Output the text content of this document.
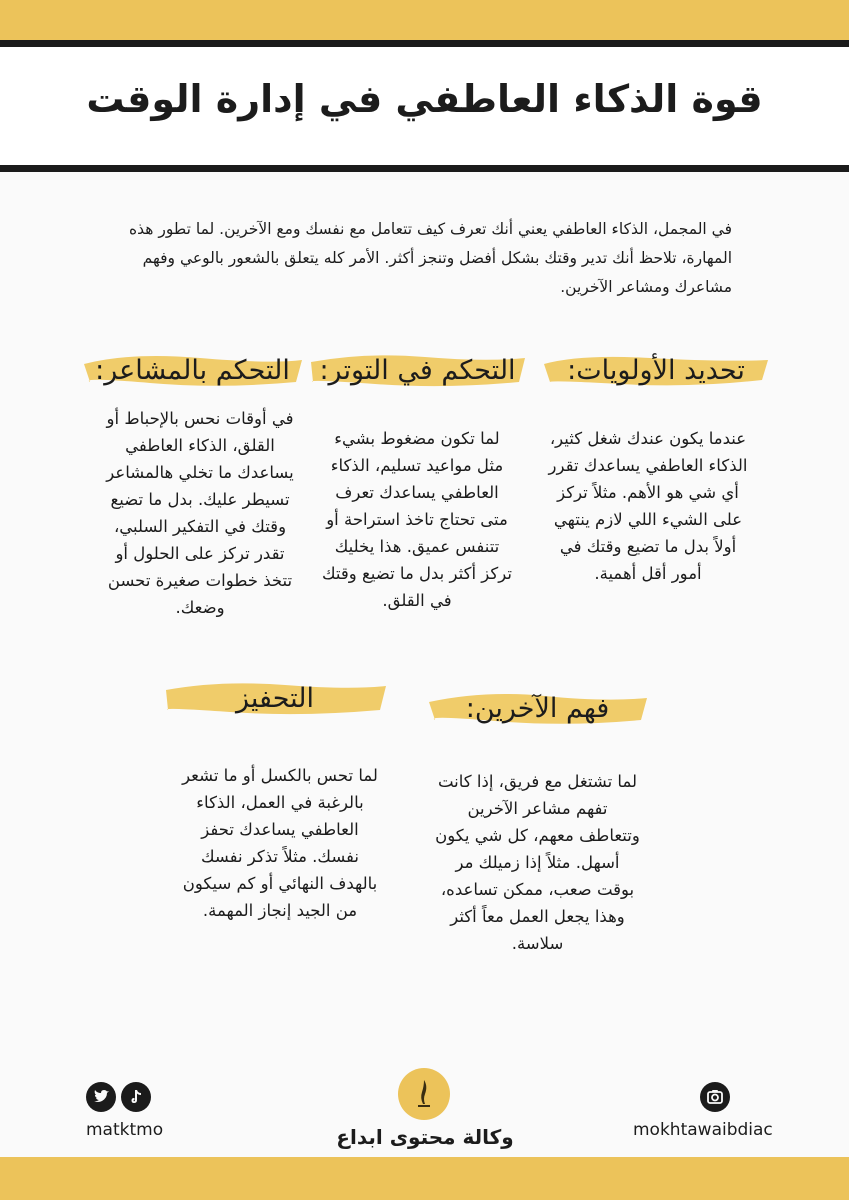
قوة الذكاء العاطفي في إدارة الوقت
في المجمل، الذكاء العاطفي يعني أنك تعرف كيف تتعامل مع نفسك ومع الآخرين. لما تطور هذه المهارة، تلاحظ أنك تدير وقتك بشكل أفضل وتنجز أكثر. الأمر كله يتعلق بالشعور بالوعي وفهم مشاعرك ومشاعر الآخرين.
تحديد الأولويات:
عندما يكون عندك شغل كثير، الذكاء العاطفي يساعدك تقرر أي شي هو الأهم. مثلاً تركز على الشيء اللي لازم ينتهي أولاً بدل ما تضيع وقتك في أمور أقل أهمية.
التحكم في التوتر:
لما تكون مضغوط بشيء مثل مواعيد تسليم، الذكاء العاطفي يساعدك تعرف متى تحتاج تاخذ استراحة أو تتنفس عميق. هذا يخليك تركز أكثر بدل ما تضيع وقتك في القلق.
التحكم بالمشاعر:
في أوقات نحس بالإحباط أو القلق، الذكاء العاطفي يساعدك ما تخلي هالمشاعر تسيطر عليك. بدل ما تضيع وقتك في التفكير السلبي، تقدر تركز على الحلول أو تتخذ خطوات صغيرة تحسن وضعك.
فهم الآخرين:
لما تشتغل مع فريق، إذا كانت تفهم مشاعر الآخرين وتتعاطف معهم، كل شي يكون أسهل. مثلاً إذا زميلك مر بوقت صعب، ممكن تساعده، وهذا يجعل العمل معاً أكثر سلاسة.
التحفيز
لما تحس بالكسل أو ما تشعر بالرغبة في العمل، الذكاء العاطفي يساعدك تحفز نفسك. مثلاً تذكر نفسك بالهدف النهائي أو كم سيكون من الجيد إنجاز المهمة.
matktmo	وكالة محتوى ابداع	mokhtawaibdiac
